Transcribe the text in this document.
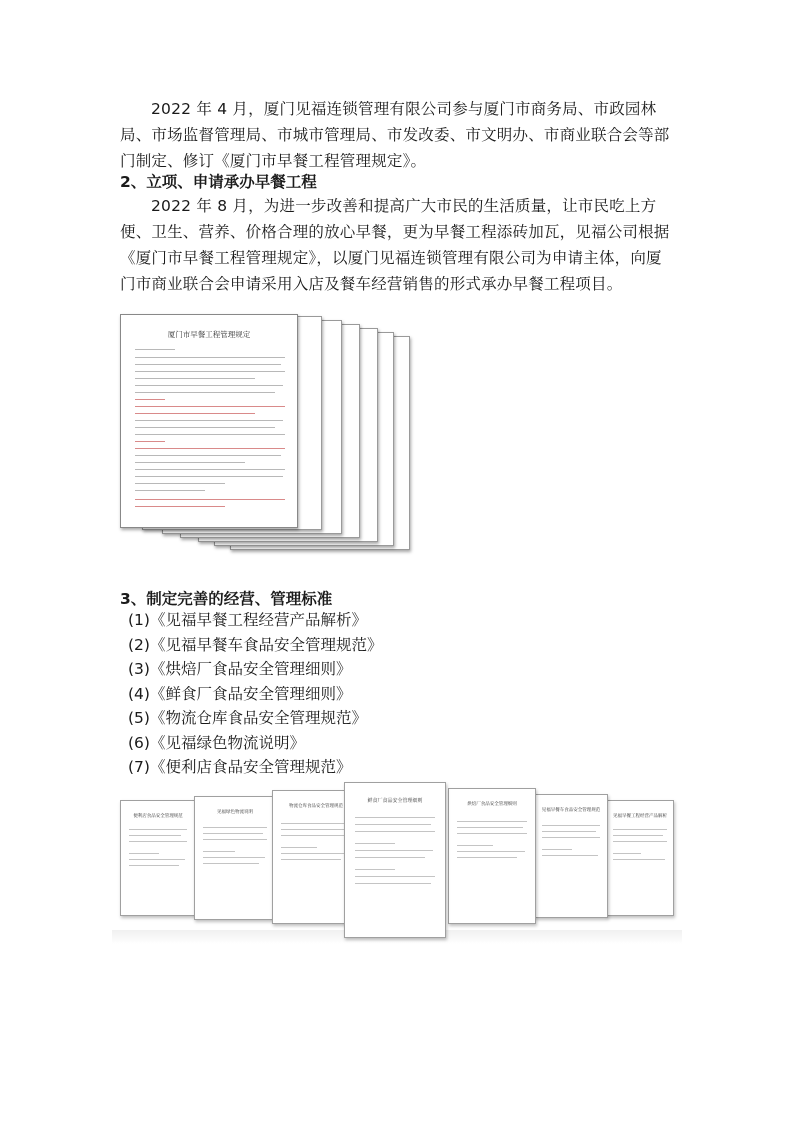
2022 年 4 月，厦门见福连锁管理有限公司参与厦门市商务局、市政园林局、市场监督管理局、市城市管理局、市发改委、市文明办、市商业联合会等部门制定、修订《厦门市早餐工程管理规定》。

2、立项、申请承办早餐工程

2022 年 8 月，为进一步改善和提高广大市民的生活质量，让市民吃上方便、卫生、营养、价格合理的放心早餐，更为早餐工程添砖加瓦，见福公司根据《厦门市早餐工程管理规定》，以厦门见福连锁管理有限公司为申请主体，向厦门市商业联合会申请采用入店及餐车经营销售的形式承办早餐工程项目。

厦门市早餐工程管理规定

3、制定完善的经营、管理标准

(1)《见福早餐工程经营产品解析》
(2)《见福早餐车食品安全管理规范》
(3)《烘焙厂食品安全管理细则》
(4)《鲜食厂食品安全管理细则》
(5)《物流仓库食品安全管理规范》
(6)《见福绿色物流说明》
(7)《便利店食品安全管理规范》
便利店食品安全管理规范
见福绿色物流说明
物流仓库食品安全管理规范
鲜食厂食品安全管理细则
烘焙厂食品安全管理细则
见福早餐车食品安全管理规范
见福早餐工程经营产品解析
